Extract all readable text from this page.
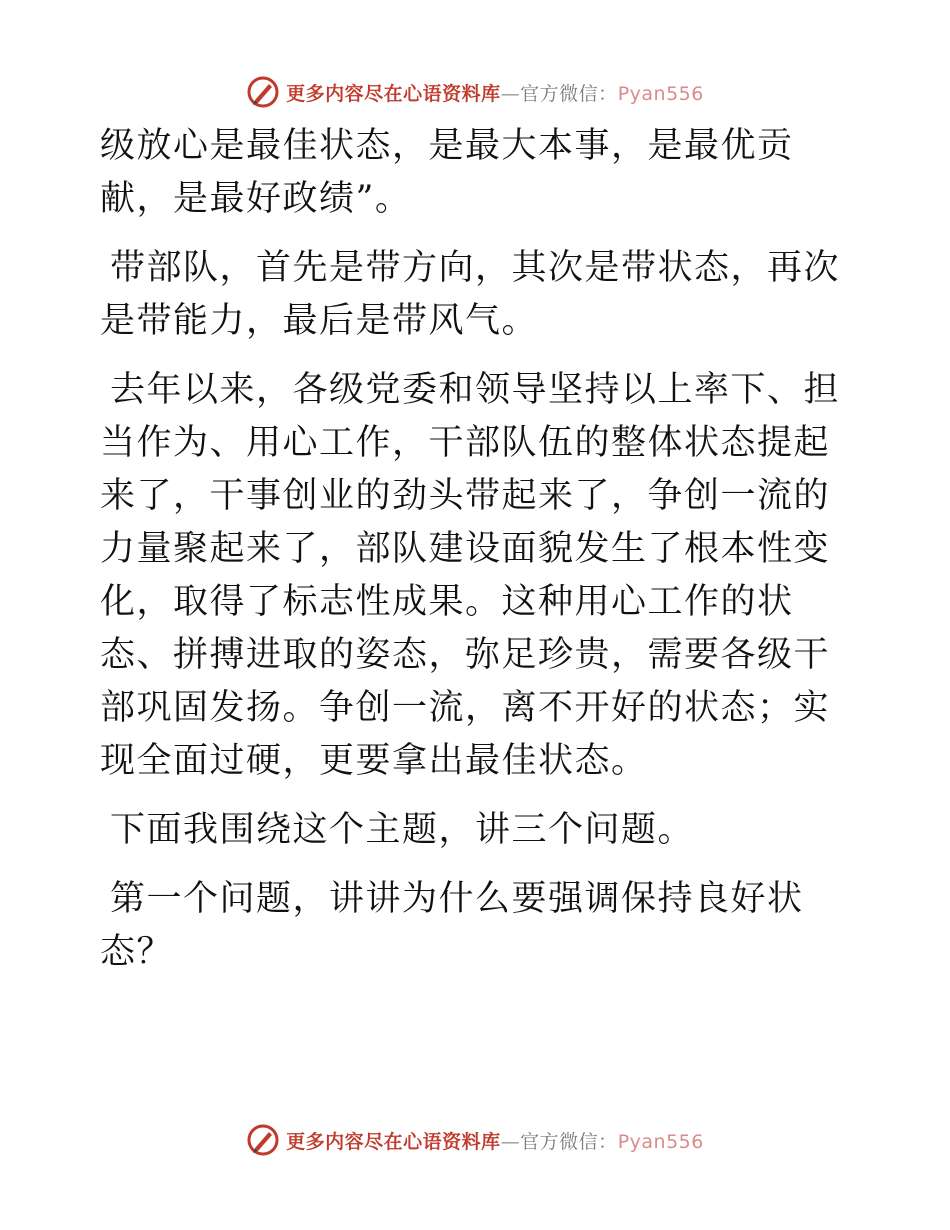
更多内容尽在心语资料库—官方微信：Pyan556

级放心是最佳状态，是最大本事，是最优贡献，是最好政绩”。

带部队，首先是带方向，其次是带状态，再次是带能力，最后是带风气。

去年以来，各级党委和领导坚持以上率下、担当作为、用心工作，干部队伍的整体状态提起来了，干事创业的劲头带起来了，争创一流的力量聚起来了，部队建设面貌发生了根本性变化，取得了标志性成果。这种用心工作的状态、拼搏进取的姿态，弥足珍贵，需要各级干部巩固发扬。争创一流，离不开好的状态；实现全面过硬，更要拿出最佳状态。

下面我围绕这个主题，讲三个问题。

第一个问题，讲讲为什么要强调保持良好状态？

更多内容尽在心语资料库—官方微信：Pyan556
